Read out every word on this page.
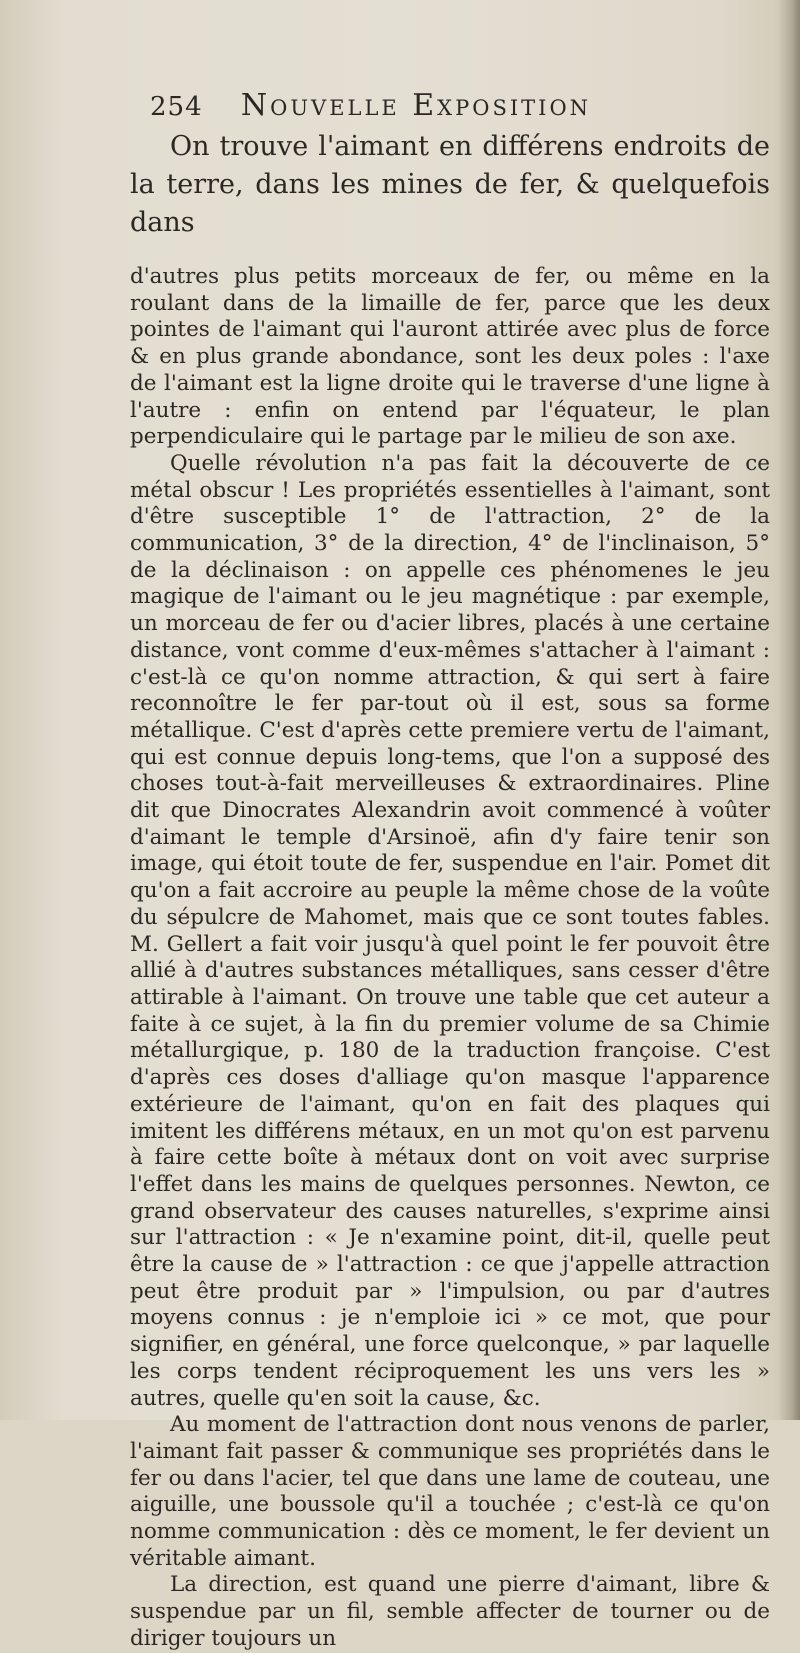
254 Nouvelle Exposition

On trouve l'aimant en différens endroits de la terre, dans les mines de fer, & quelquefois dans

d'autres plus petits morceaux de fer, ou même en la roulant dans de la limaille de fer, parce que les deux pointes de l'aimant qui l'auront attirée avec plus de force & en plus grande abondance, sont les deux poles : l'axe de l'aimant est la ligne droite qui le traverse d'une ligne à l'autre : enfin on entend par l'équateur, le plan perpendiculaire qui le partage par le milieu de son axe.

Quelle révolution n'a pas fait la découverte de ce métal obscur ! Les propriétés essentielles à l'aimant, sont d'être susceptible 1° de l'attraction, 2° de la communication, 3° de la direction, 4° de l'inclinaison, 5° de la déclinaison : on appelle ces phénomenes le jeu magique de l'aimant ou le jeu magnétique : par exemple, un morceau de fer ou d'acier libres, placés à une certaine distance, vont comme d'eux-mêmes s'attacher à l'aimant : c'est-là ce qu'on nomme attraction, & qui sert à faire reconnoître le fer par-tout où il est, sous sa forme métallique. C'est d'après cette premiere vertu de l'aimant, qui est connue depuis long-tems, que l'on a supposé des choses tout-à-fait merveilleuses & extraordinaires. Pline dit que Dinocrates Alexandrin avoit commencé à voûter d'aimant le temple d'Arsinoë, afin d'y faire tenir son image, qui étoit toute de fer, suspendue en l'air. Pomet dit qu'on a fait accroire au peuple la même chose de la voûte du sépulcre de Mahomet, mais que ce sont toutes fables. M. Gellert a fait voir jusqu'à quel point le fer pouvoit être allié à d'autres substances métalliques, sans cesser d'être attirable à l'aimant. On trouve une table que cet auteur a faite à ce sujet, à la fin du premier volume de sa Chimie métallurgique, p. 180 de la traduction françoise. C'est d'après ces doses d'alliage qu'on masque l'apparence extérieure de l'aimant, qu'on en fait des plaques qui imitent les différens métaux, en un mot qu'on est parvenu à faire cette boîte à métaux dont on voit avec surprise l'effet dans les mains de quelques personnes. Newton, ce grand observateur des causes naturelles, s'exprime ainsi sur l'attraction : « Je n'examine point, dit-il, quelle peut être la cause de » l'attraction : ce que j'appelle attraction peut être produit par » l'impulsion, ou par d'autres moyens connus : je n'emploie ici » ce mot, que pour signifier, en général, une force quelconque, » par laquelle les corps tendent réciproquement les uns vers les » autres, quelle qu'en soit la cause, &c.

Au moment de l'attraction dont nous venons de parler, l'aimant fait passer & communique ses propriétés dans le fer ou dans l'acier, tel que dans une lame de couteau, une aiguille, une boussole qu'il a touchée ; c'est-là ce qu'on nomme communication : dès ce moment, le fer devient un véritable aimant.

La direction, est quand une pierre d'aimant, libre & suspendue par un fil, semble affecter de tourner ou de diriger toujours un
